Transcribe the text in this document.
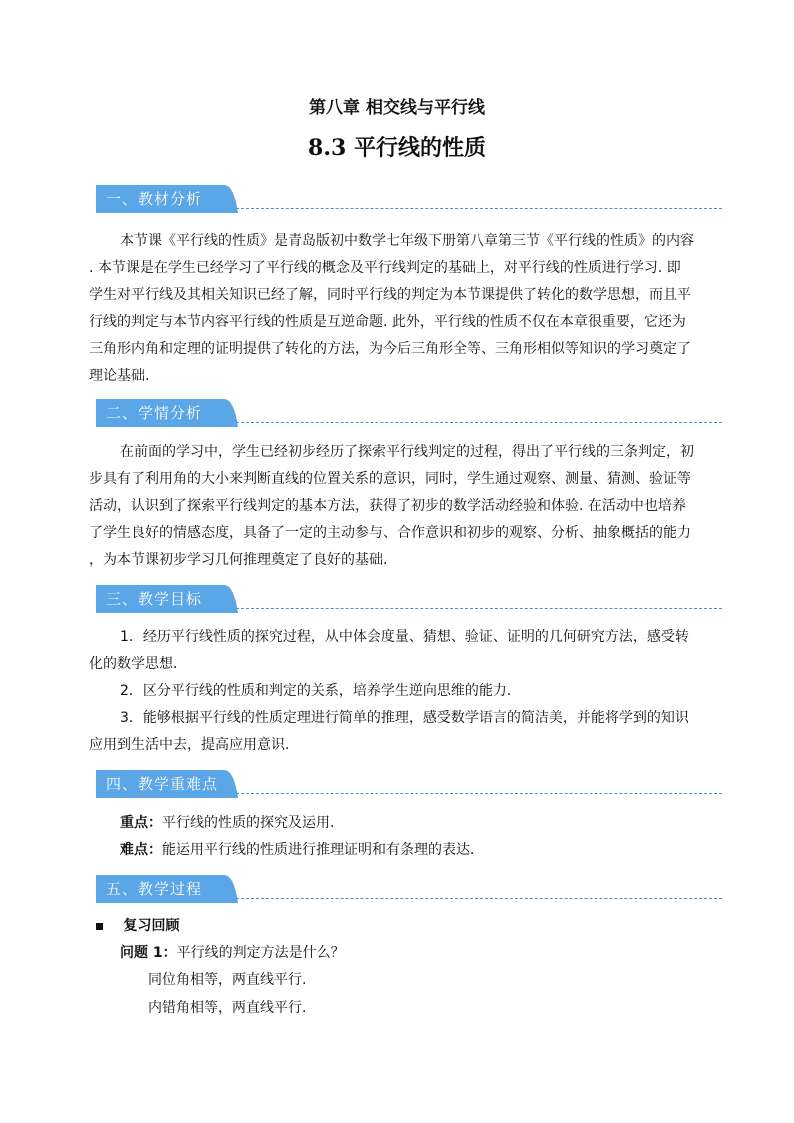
第八章 相交线与平行线
8.3 平行线的性质
一、教材分析
本节课《平行线的性质》是青岛版初中数学七年级下册第八章第三节《平行线的性质》的内容
. 本节课是在学生已经学习了平行线的概念及平行线判定的基础上，对平行线的性质进行学习. 即
学生对平行线及其相关知识已经了解，同时平行线的判定为本节课提供了转化的数学思想，而且平
行线的判定与本节内容平行线的性质是互逆命题. 此外，平行线的性质不仅在本章很重要，它还为
三角形内角和定理的证明提供了转化的方法，为今后三角形全等、三角形相似等知识的学习奠定了
理论基础.
二、学情分析
在前面的学习中，学生已经初步经历了探索平行线判定的过程，得出了平行线的三条判定，初
步具有了利用角的大小来判断直线的位置关系的意识，同时，学生通过观察、测量、猜测、验证等
活动，认识到了探索平行线判定的基本方法，获得了初步的数学活动经验和体验. 在活动中也培养
了学生良好的情感态度，具备了一定的主动参与、合作意识和初步的观察、分析、抽象概括的能力
，为本节课初步学习几何推理奠定了良好的基础.
三、教学目标
1．经历平行线性质的探究过程，从中体会度量、猜想、验证、证明的几何研究方法，感受转
化的数学思想．
2．区分平行线的性质和判定的关系，培养学生逆向思维的能力．
3．能够根据平行线的性质定理进行简单的推理，感受数学语言的简洁美，并能将学到的知识
应用到生活中去，提高应用意识.
四、教学重难点
重点：平行线的性质的探究及运用.
难点：能运用平行线的性质进行推理证明和有条理的表达．
五、教学过程
复习回顾
问题 1：平行线的判定方法是什么？
同位角相等，两直线平行.
内错角相等，两直线平行.
